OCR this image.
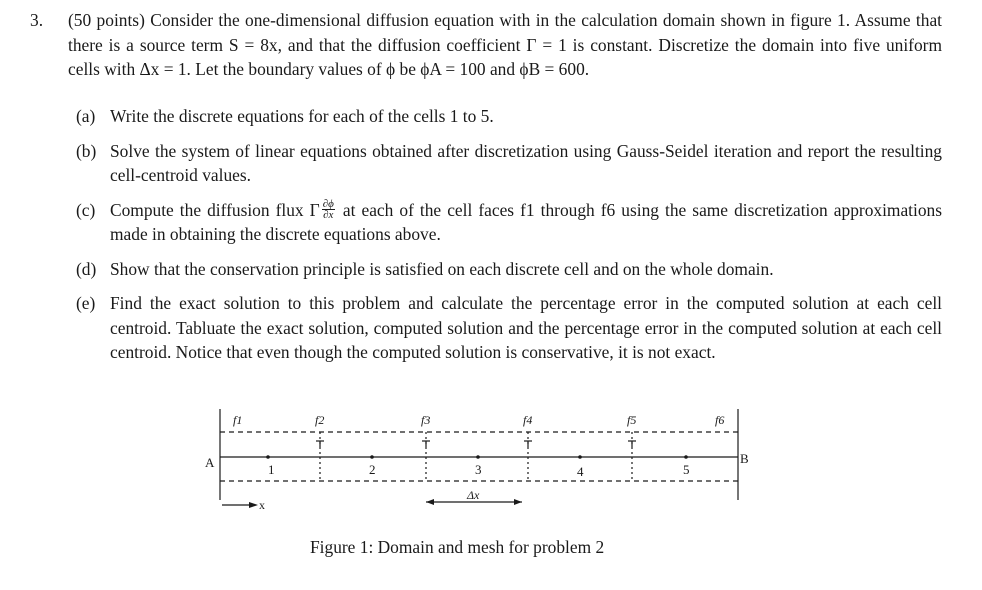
3. (50 points) Consider the one-dimensional diffusion equation with in the calculation domain shown in figure 1. Assume that there is a source term S = 8x, and that the diffusion coefficient Γ = 1 is constant. Discretize the domain into five uniform cells with Δx = 1. Let the boundary values of ϕ be ϕA = 100 and ϕB = 600.
(a) Write the discrete equations for each of the cells 1 to 5.
(b) Solve the system of linear equations obtained after discretization using Gauss-Seidel iteration and report the resulting cell-centroid values.
(c) Compute the diffusion flux Γ $\frac{\partial\phi}{\partial x}$ at each of the cell faces f1 through f6 using the same discretization approximations made in obtaining the discrete equations above.
(d) Show that the conservation principle is satisfied on each discrete cell and on the whole domain.
(e) Find the exact solution to this problem and calculate the percentage error in the computed solution at each cell centroid. Tabluate the exact solution, computed solution and the percentage error in the computed solution at each cell centroid. Notice that even though the computed solution is conservative, it is not exact.
f1	f2	f3	f4	f5	f6
1	2	3	4	5
A	B
Δx
x
Figure 1: Domain and mesh for problem 2
